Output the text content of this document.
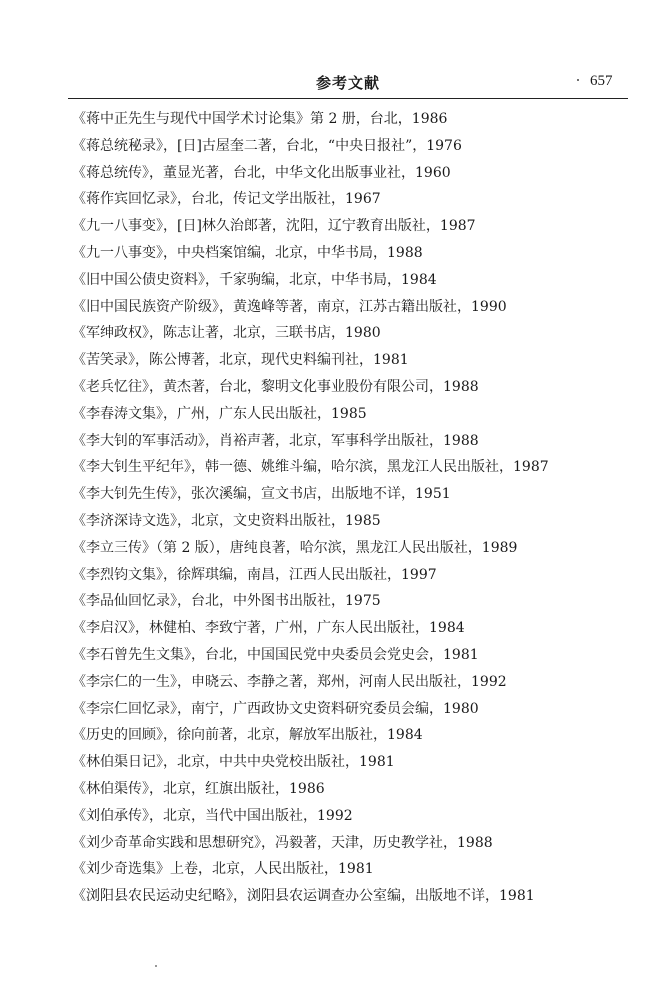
参考文献	657
《蒋中正先生与现代中国学术讨论集》第 2 册，台北，1986
《蒋总统秘录》，[日]古屋奎二著，台北，“中央日报社”，1976
《蒋总统传》，董显光著，台北，中华文化出版事业社，1960
《蒋作宾回忆录》，台北，传记文学出版社，1967
《九一八事变》，[日]林久治郎著，沈阳，辽宁教育出版社，1987
《九一八事变》，中央档案馆编，北京，中华书局，1988
《旧中国公债史资料》，千家驹编，北京，中华书局，1984
《旧中国民族资产阶级》，黄逸峰等著，南京，江苏古籍出版社，1990
《军绅政权》，陈志让著，北京，三联书店，1980
《苦笑录》，陈公博著，北京，现代史料编刊社，1981
《老兵忆往》，黄杰著，台北，黎明文化事业股份有限公司，1988
《李春涛文集》，广州，广东人民出版社，1985
《李大钊的军事活动》，肖裕声著，北京，军事科学出版社，1988
《李大钊生平纪年》，韩一德、姚维斗编，哈尔滨，黑龙江人民出版社，1987
《李大钊先生传》，张次溪编，宣文书店，出版地不详，1951
《李济深诗文选》，北京，文史资料出版社，1985
《李立三传》（第 2 版），唐纯良著，哈尔滨，黑龙江人民出版社，1989
《李烈钧文集》，徐辉琪编，南昌，江西人民出版社，1997
《李品仙回忆录》，台北，中外图书出版社，1975
《李启汉》，林健柏、李致宁著，广州，广东人民出版社，1984
《李石曾先生文集》，台北，中国国民党中央委员会党史会，1981
《李宗仁的一生》，申晓云、李静之著，郑州，河南人民出版社，1992
《李宗仁回忆录》，南宁，广西政协文史资料研究委员会编，1980
《历史的回顾》，徐向前著，北京，解放军出版社，1984
《林伯渠日记》，北京，中共中央党校出版社，1981
《林伯渠传》，北京，红旗出版社，1986
《刘伯承传》，北京，当代中国出版社，1992
《刘少奇革命实践和思想研究》，冯毅著，天津，历史教学社，1988
《刘少奇选集》上卷，北京，人民出版社，1981
《浏阳县农民运动史纪略》，浏阳县农运调查办公室编，出版地不详，1981
